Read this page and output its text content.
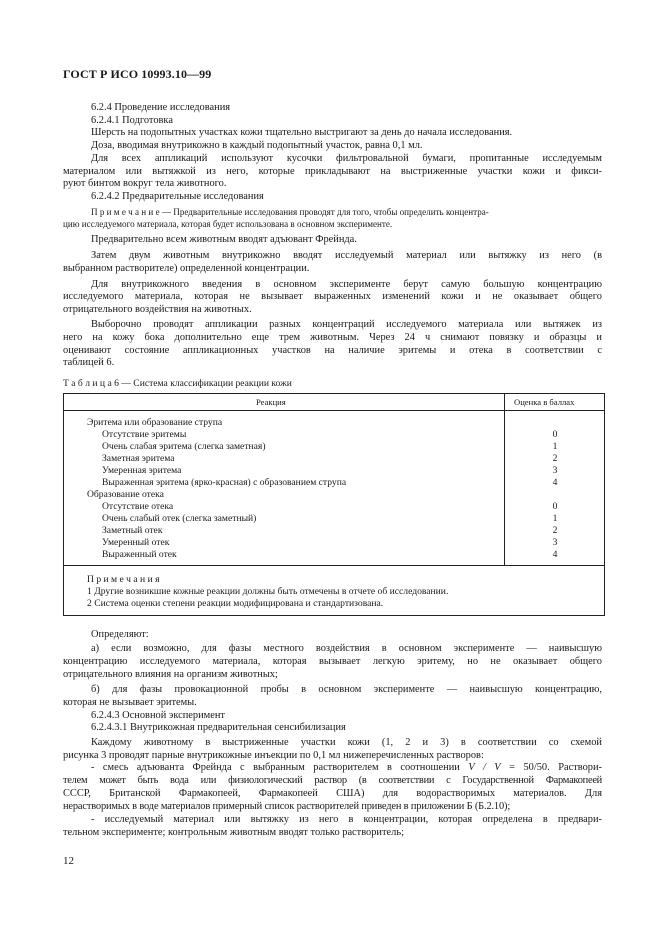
ГОСТ Р ИСО 10993.10—99
6.2.4 Проведение исследования
6.2.4.1 Подготовка
Шерсть на подопытных участках кожи тщательно выстригают за день до начала исследования.
Доза, вводимая внутрикожно в каждый подопытный участок, равна 0,1 мл.
Для всех аппликаций используют кусочки фильтровальной бумаги, пропитанные исследуемым
материалом или вытяжкой из него, которые прикладывают на выстриженные участки кожи и фикси-
руют бинтом вокруг тела животного.
6.2.4.2 Предварительные исследования
П р и м е ч а н и е — Предварительные исследования проводят для того, чтобы определить концентра-
цию исследуемого материала, которая будет использована в основном эксперименте.
Предварительно всем животным вводят адъювант Фрейнда.
Затем двум животным внутрикожно вводят исследуемый материал или вытяжку из него (в
выбранном растворителе) определенной концентрации.
Для внутрикожного введения в основном эксперименте берут самую большую концентрацию
исследуемого материала, которая не вызывает выраженных изменений кожи и не оказывает общего
отрицательного воздействия на животных.
Выборочно проводят аппликации разных концентраций исследуемого материала или вытяжек из
него на кожу бока дополнительно еще трем животным. Через 24 ч снимают повязку и образцы и
оценивают состояние аппликационных участков на наличие эритемы и отека в соответствии с
таблицей 6.
Т а б л и ц а 6 — Система классификации реакции кожи
Реакция	Оценка в баллах
Эритема или образование струпа
Отсутствие эритемы	0
Очень слабая эритема (слегка заметная)	1
Заметная эритема	2
Умеренная эритема	3
Выраженная эритема (ярко-красная) с образованием струпа	4
Образование отека
Отсутствие отека	0
Очень слабый отек (слегка заметный)	1
Заметный отек	2
Умеренный отек	3
Выраженный отек	4
П р и м е ч а н и я
1 Другие возникшие кожные реакции должны быть отмечены в отчете об исследовании.
2 Система оценки степени реакции модифицирована и стандартизована.
Определяют:
а) если возможно, для фазы местного воздействия в основном эксперименте — наивысшую
концентрацию исследуемого материала, которая вызывает легкую эритему, но не оказывает общего
отрицательного влияния на организм животных;
б) для фазы провокационной пробы в основном эксперименте — наивысшую концентрацию,
которая не вызывает эритемы.
6.2.4.3 Основной эксперимент
6.2.4.3.1 Внутрикожная предварительная сенсибилизация
Каждому животному в выстриженные участки кожи (1, 2 и 3) в соответствии со схемой
рисунка 3 проводят парные внутрикожные инъекции по 0,1 мл нижеперечисленных растворов:
- смесь адъюванта Фрейнда с выбранным растворителем в соотношении V / V = 50/50. Раствори-
телем может быть вода или физиологический раствор (в соответствии с Государственной Фармакопеей
СССР, Британской Фармакопеей, Фармакопеей США) для водорастворимых материалов. Для
нерастворимых в воде материалов примерный список растворителей приведен в приложении Б (Б.2.10);
- исследуемый материал или вытяжку из него в концентрации, которая определена в предвари-
тельном эксперименте; контрольным животным вводят только растворитель;
12
